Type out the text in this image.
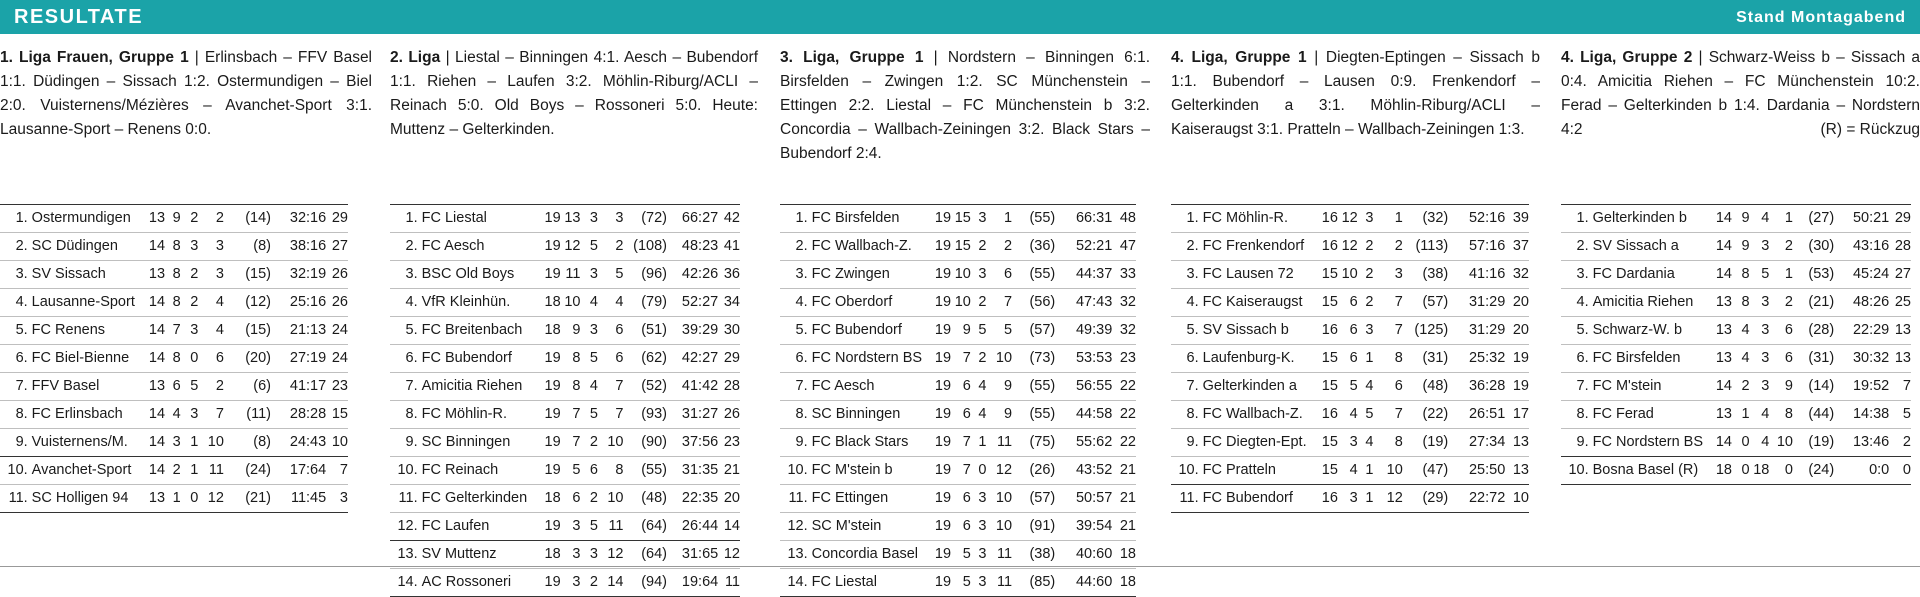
RESULTATE	Stand Montagabend

1. Liga Frauen, Gruppe 1 | Erlinsbach – FFV Basel 1:1. Düdingen – Sissach 1:2. Ostermundigen – Biel 2:0. Vuisternens/Mézières – Avanchet-Sport 3:1. Lausanne-Sport – Renens 0:0.

1.	Ostermundigen	13	9	2	2	(14)	32:16	29
2.	SC Düdingen	14	8	3	3	(8)	38:16	27
3.	SV Sissach	13	8	2	3	(15)	32:19	26
4.	Lausanne-Sport	14	8	2	4	(12)	25:16	26
5.	FC Renens	14	7	3	4	(15)	21:13	24
6.	FC Biel-Bienne	14	8	0	6	(20)	27:19	24
7.	FFV Basel	13	6	5	2	(6)	41:17	23
8.	FC Erlinsbach	14	4	3	7	(11)	28:28	15
9.	Vuisternens/M.	14	3	1	10	(8)	24:43	10
10.	Avanchet-Sport	14	2	1	11	(24)	17:64	7
11.	SC Holligen 94	13	1	0	12	(21)	11:45	3

2. Liga | Liestal – Binningen 4:1. Aesch – Bubendorf 1:1. Riehen – Laufen 3:2. Möhlin-Riburg/ACLI – Reinach 5:0. Old Boys – Rossoneri 5:0. Heute: Muttenz – Gelterkinden.

1.	FC Liestal	19	13	3	3	(72)	66:27	42
2.	FC Aesch	19	12	5	2	(108)	48:23	41
3.	BSC Old Boys	19	11	3	5	(96)	42:26	36
4.	VfR Kleinhün.	18	10	4	4	(79)	52:27	34
5.	FC Breitenbach	18	9	3	6	(51)	39:29	30
6.	FC Bubendorf	19	8	5	6	(62)	42:27	29
7.	Amicitia Riehen	19	8	4	7	(52)	41:42	28
8.	FC Möhlin-R.	19	7	5	7	(93)	31:27	26
9.	SC Binningen	19	7	2	10	(90)	37:56	23
10.	FC Reinach	19	5	6	8	(55)	31:35	21
11.	FC Gelterkinden	18	6	2	10	(48)	22:35	20
12.	FC Laufen	19	3	5	11	(64)	26:44	14
13.	SV Muttenz	18	3	3	12	(64)	31:65	12
14.	AC Rossoneri	19	3	2	14	(94)	19:64	11

3. Liga, Gruppe 1 | Nordstern – Binningen 6:1. Birsfelden – Zwingen 1:2. SC Münchenstein – Ettingen 2:2. Liestal – FC Münchenstein b 3:2. Concordia – Wallbach-Zeiningen 3:2. Black Stars – Bubendorf 2:4.

1.	FC Birsfelden	19	15	3	1	(55)	66:31	48
2.	FC Wallbach-Z.	19	15	2	2	(36)	52:21	47
3.	FC Zwingen	19	10	3	6	(55)	44:37	33
4.	FC Oberdorf	19	10	2	7	(56)	47:43	32
5.	FC Bubendorf	19	9	5	5	(57)	49:39	32
6.	FC Nordstern BS	19	7	2	10	(73)	53:53	23
7.	FC Aesch	19	6	4	9	(55)	56:55	22
8.	SC Binningen	19	6	4	9	(55)	44:58	22
9.	FC Black Stars	19	7	1	11	(75)	55:62	22
10.	FC M'stein b	19	7	0	12	(26)	43:52	21
11.	FC Ettingen	19	6	3	10	(57)	50:57	21
12.	SC M'stein	19	6	3	10	(91)	39:54	21
13.	Concordia Basel	19	5	3	11	(38)	40:60	18
14.	FC Liestal	19	5	3	11	(85)	44:60	18

4. Liga, Gruppe 1 | Diegten-Eptingen – Sissach b 1:1. Bubendorf – Lausen 0:9. Frenkendorf – Gelterkinden a 3:1. Möhlin-Riburg/ACLI – Kaiseraugst 3:1. Pratteln – Wallbach-Zeiningen 1:3.

1.	FC Möhlin-R.	16	12	3	1	(32)	52:16	39
2.	FC Frenkendorf	16	12	2	2	(113)	57:16	37
3.	FC Lausen 72	15	10	2	3	(38)	41:16	32
4.	FC Kaiseraugst	15	6	2	7	(57)	31:29	20
5.	SV Sissach b	16	6	3	7	(125)	31:29	20
6.	Laufenburg-K.	15	6	1	8	(31)	25:32	19
7.	Gelterkinden a	15	5	4	6	(48)	36:28	19
8.	FC Wallbach-Z.	16	4	5	7	(22)	26:51	17
9.	FC Diegten-Ept.	15	3	4	8	(19)	27:34	13
10.	FC Pratteln	15	4	1	10	(47)	25:50	13
11.	FC Bubendorf	16	3	1	12	(29)	22:72	10

4. Liga, Gruppe 2 | Schwarz-Weiss b – Sissach a 0:4. Amicitia Riehen – FC Münchenstein 10:2. Ferad – Gelterkinden b 1:4. Dardania – Nordstern 4:2	(R) = Rückzug

1.	Gelterkinden b	14	9	4	1	(27)	50:21	29
2.	SV Sissach a	14	9	3	2	(30)	43:16	28
3.	FC Dardania	14	8	5	1	(53)	45:24	27
4.	Amicitia Riehen	13	8	3	2	(21)	48:26	25
5.	Schwarz-W. b	13	4	3	6	(28)	22:29	13
6.	FC Birsfelden	13	4	3	6	(31)	30:32	13
7.	FC M'stein	14	2	3	9	(14)	19:52	7
8.	FC Ferad	13	1	4	8	(44)	14:38	5
9.	FC Nordstern BS	14	0	4	10	(19)	13:46	2
10.	Bosna Basel (R)	18	0	18	0	(24)	0:0	0
